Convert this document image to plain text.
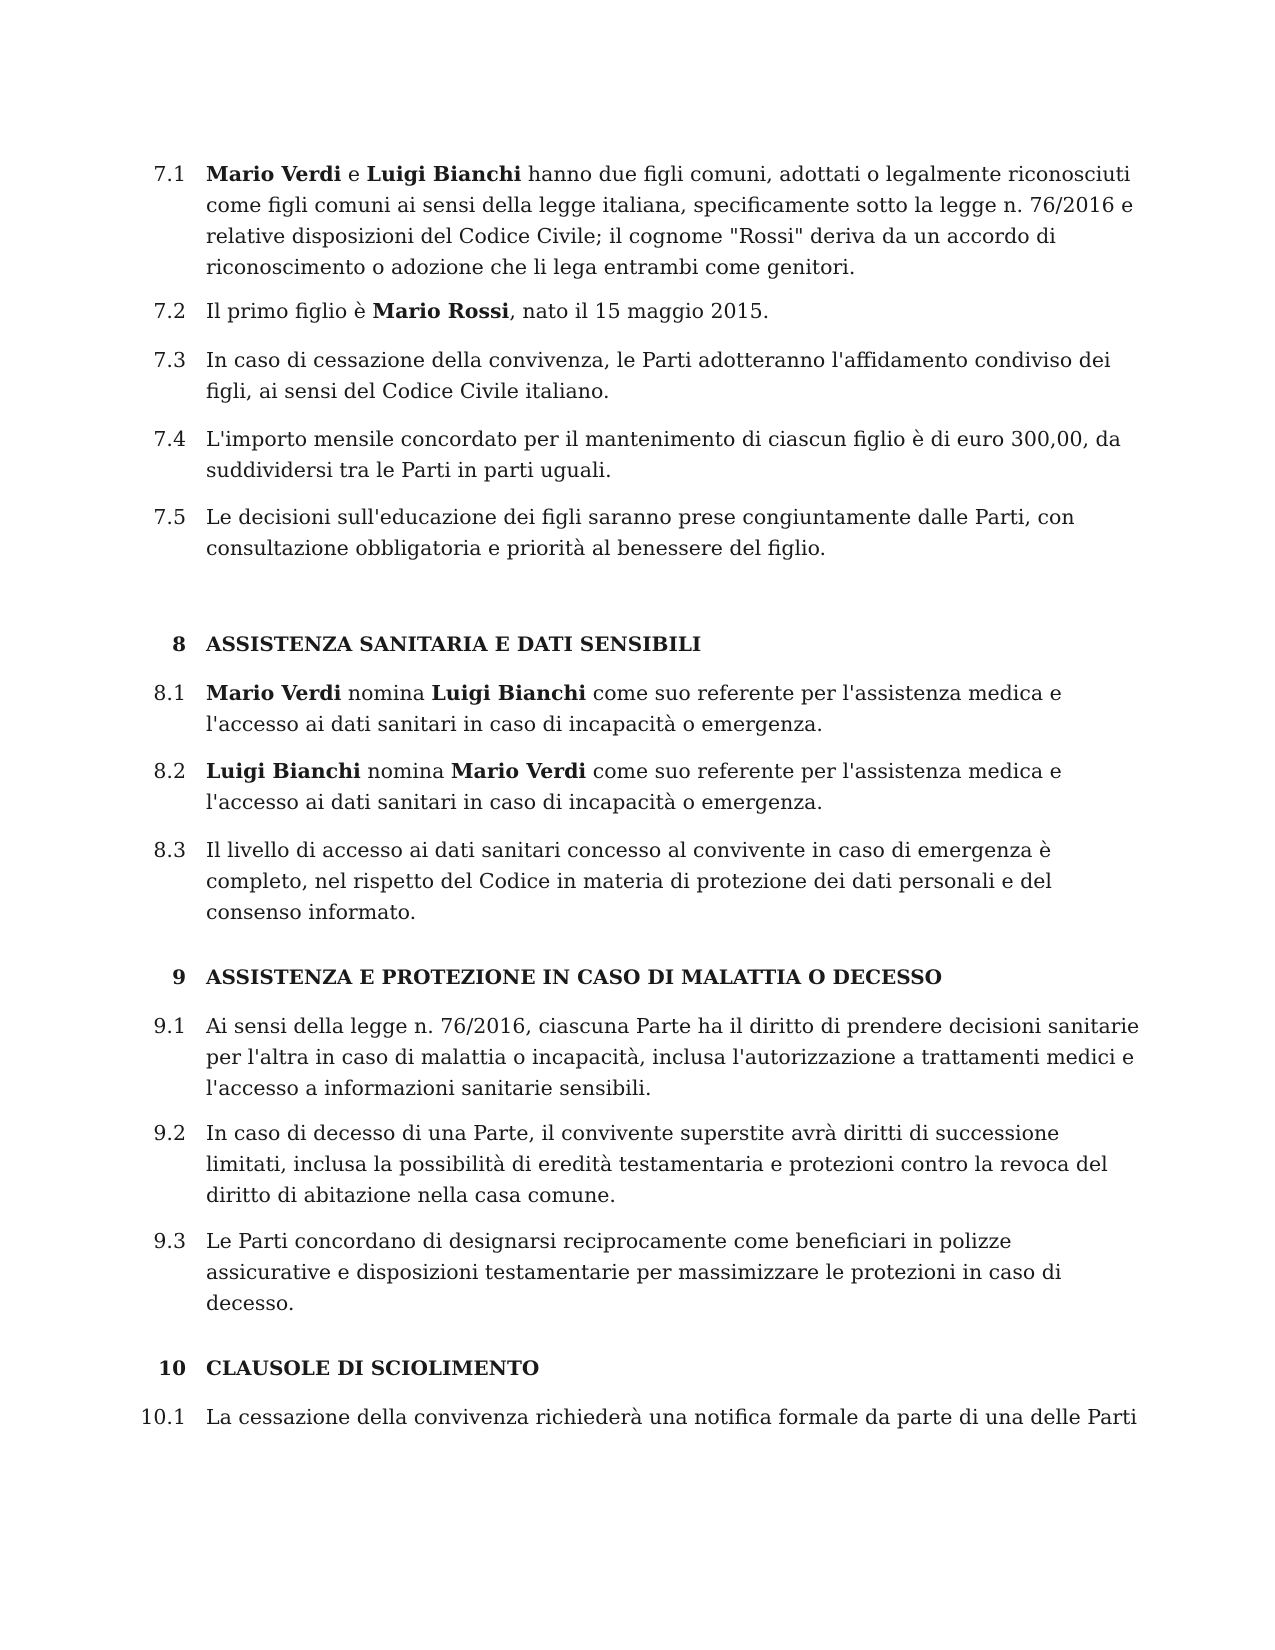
7.1 Mario Verdi e Luigi Bianchi hanno due figli comuni, adottati o legalmente riconosciuti come figli comuni ai sensi della legge italiana, specificamente sotto la legge n. 76/2016 e relative disposizioni del Codice Civile; il cognome "Rossi" deriva da un accordo di riconoscimento o adozione che li lega entrambi come genitori.
7.2 Il primo figlio è Mario Rossi, nato il 15 maggio 2015.
7.3 In caso di cessazione della convivenza, le Parti adotteranno l'affidamento condiviso dei figli, ai sensi del Codice Civile italiano.
7.4 L'importo mensile concordato per il mantenimento di ciascun figlio è di euro 300,00, da suddividersi tra le Parti in parti uguali.
7.5 Le decisioni sull'educazione dei figli saranno prese congiuntamente dalle Parti, con consultazione obbligatoria e priorità al benessere del figlio.
8 ASSISTENZA SANITARIA E DATI SENSIBILI
8.1 Mario Verdi nomina Luigi Bianchi come suo referente per l'assistenza medica e l'accesso ai dati sanitari in caso di incapacità o emergenza.
8.2 Luigi Bianchi nomina Mario Verdi come suo referente per l'assistenza medica e l'accesso ai dati sanitari in caso di incapacità o emergenza.
8.3 Il livello di accesso ai dati sanitari concesso al convivente in caso di emergenza è completo, nel rispetto del Codice in materia di protezione dei dati personali e del consenso informato.
9 ASSISTENZA E PROTEZIONE IN CASO DI MALATTIA O DECESSO
9.1 Ai sensi della legge n. 76/2016, ciascuna Parte ha il diritto di prendere decisioni sanitarie per l'altra in caso di malattia o incapacità, inclusa l'autorizzazione a trattamenti medici e l'accesso a informazioni sanitarie sensibili.
9.2 In caso di decesso di una Parte, il convivente superstite avrà diritti di successione limitati, inclusa la possibilità di eredità testamentaria e protezioni contro la revoca del diritto di abitazione nella casa comune.
9.3 Le Parti concordano di designarsi reciprocamente come beneficiari in polizze assicurative e disposizioni testamentarie per massimizzare le protezioni in caso di decesso.
10 CLAUSOLE DI SCIOLIMENTO
10.1 La cessazione della convivenza richiederà una notifica formale da parte di una delle Parti
